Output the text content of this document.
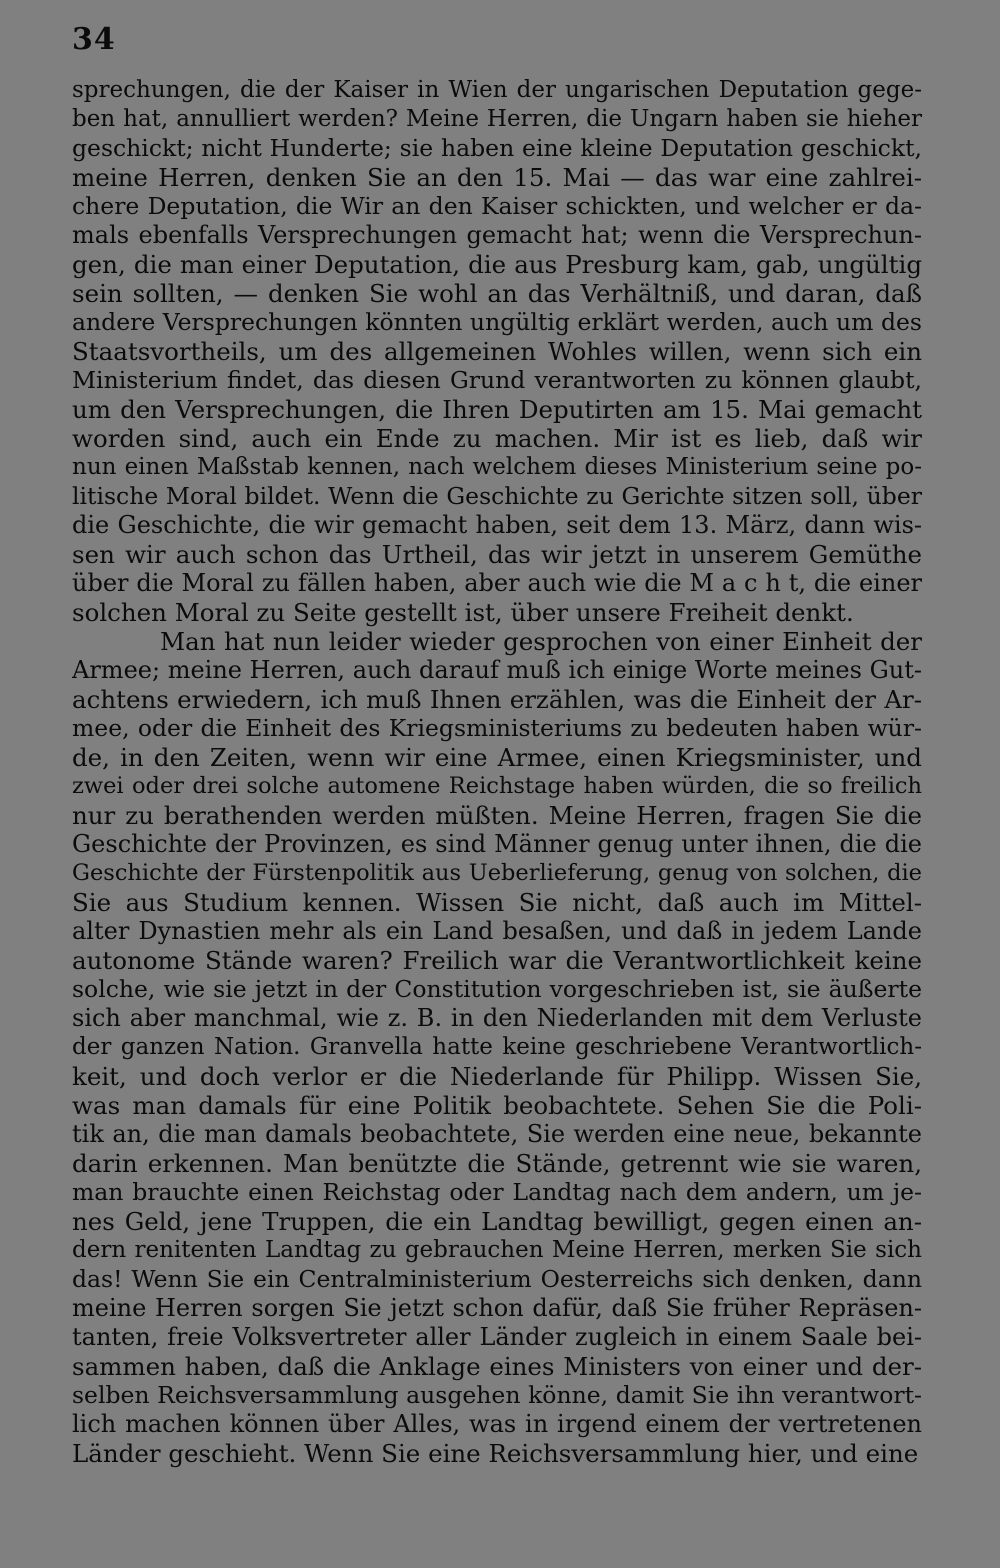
34
sprechungen, die der Kaiser in Wien der ungarischen Deputation gege-
ben hat, annulliert werden? Meine Herren, die Ungarn haben sie hieher
geschickt; nicht Hunderte; sie haben eine kleine Deputation geschickt,
meine Herren, denken Sie an den 15. Mai — das war eine zahlrei-
chere Deputation, die Wir an den Kaiser schickten, und welcher er da-
mals ebenfalls Versprechungen gemacht hat; wenn die Versprechun-
gen, die man einer Deputation, die aus Presburg kam, gab, ungültig
sein sollten, — denken Sie wohl an das Verhältniß, und daran, daß
andere Versprechungen könnten ungültig erklärt werden, auch um des
Staatsvortheils, um des allgemeinen Wohles willen, wenn sich ein
Ministerium findet, das diesen Grund verantworten zu können glaubt,
um den Versprechungen, die Ihren Deputirten am 15. Mai gemacht
worden sind, auch ein Ende zu machen. Mir ist es lieb, daß wir
nun einen Maßstab kennen, nach welchem dieses Ministerium seine po-
litische Moral bildet. Wenn die Geschichte zu Gerichte sitzen soll, über
die Geschichte, die wir gemacht haben, seit dem 13. März, dann wis-
sen wir auch schon das Urtheil, das wir jetzt in unserem Gemüthe
über die Moral zu fällen haben, aber auch wie die M a c h t, die einer
solchen Moral zu Seite gestellt ist, über unsere Freiheit denkt.
Man hat nun leider wieder gesprochen von einer Einheit der
Armee; meine Herren, auch darauf muß ich einige Worte meines Gut-
achtens erwiedern, ich muß Ihnen erzählen, was die Einheit der Ar-
mee, oder die Einheit des Kriegsministeriums zu bedeuten haben wür-
de, in den Zeiten, wenn wir eine Armee, einen Kriegsminister, und
zwei oder drei solche automene Reichstage haben würden, die so freilich
nur zu berathenden werden müßten. Meine Herren, fragen Sie die
Geschichte der Provinzen, es sind Männer genug unter ihnen, die die
Geschichte der Fürstenpolitik aus Ueberlieferung, genug von solchen, die
Sie aus Studium kennen. Wissen Sie nicht, daß auch im Mittel-
alter Dynastien mehr als ein Land besaßen, und daß in jedem Lande
autonome Stände waren? Freilich war die Verantwortlichkeit keine
solche, wie sie jetzt in der Constitution vorgeschrieben ist, sie äußerte
sich aber manchmal, wie z. B. in den Niederlanden mit dem Verluste
der ganzen Nation. Granvella hatte keine geschriebene Verantwortlich-
keit, und doch verlor er die Niederlande für Philipp. Wissen Sie,
was man damals für eine Politik beobachtete. Sehen Sie die Poli-
tik an, die man damals beobachtete, Sie werden eine neue, bekannte
darin erkennen. Man benützte die Stände, getrennt wie sie waren,
man brauchte einen Reichstag oder Landtag nach dem andern, um je-
nes Geld, jene Truppen, die ein Landtag bewilligt, gegen einen an-
dern renitenten Landtag zu gebrauchen Meine Herren, merken Sie sich
das! Wenn Sie ein Centralministerium Oesterreichs sich denken, dann
meine Herren sorgen Sie jetzt schon dafür, daß Sie früher Repräsen-
tanten, freie Volksvertreter aller Länder zugleich in einem Saale bei-
sammen haben, daß die Anklage eines Ministers von einer und der-
selben Reichsversammlung ausgehen könne, damit Sie ihn verantwort-
lich machen können über Alles, was in irgend einem der vertretenen
Länder geschieht. Wenn Sie eine Reichsversammlung hier, und eine
